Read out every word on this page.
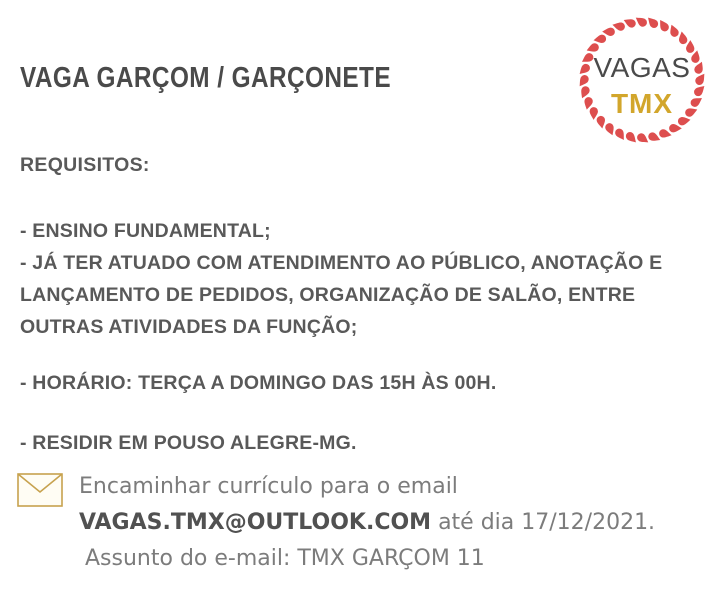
VAGA GARÇOM / GARÇONETE	VAGAS
TMX
REQUISITOS:
- ENSINO FUNDAMENTAL;
- JÁ TER ATUADO COM ATENDIMENTO AO PÚBLICO, ANOTAÇÃO E LANÇAMENTO DE PEDIDOS, ORGANIZAÇÃO DE SALÃO, ENTRE OUTRAS ATIVIDADES DA FUNÇÃO;
- HORÁRIO: TERÇA A DOMINGO DAS 15H ÀS 00H.
- RESIDIR EM POUSO ALEGRE-MG.
Encaminhar currículo para o email
VAGAS.TMX@OUTLOOK.COM até dia 17/12/2021.
Assunto do e-mail: TMX GARÇOM 11
